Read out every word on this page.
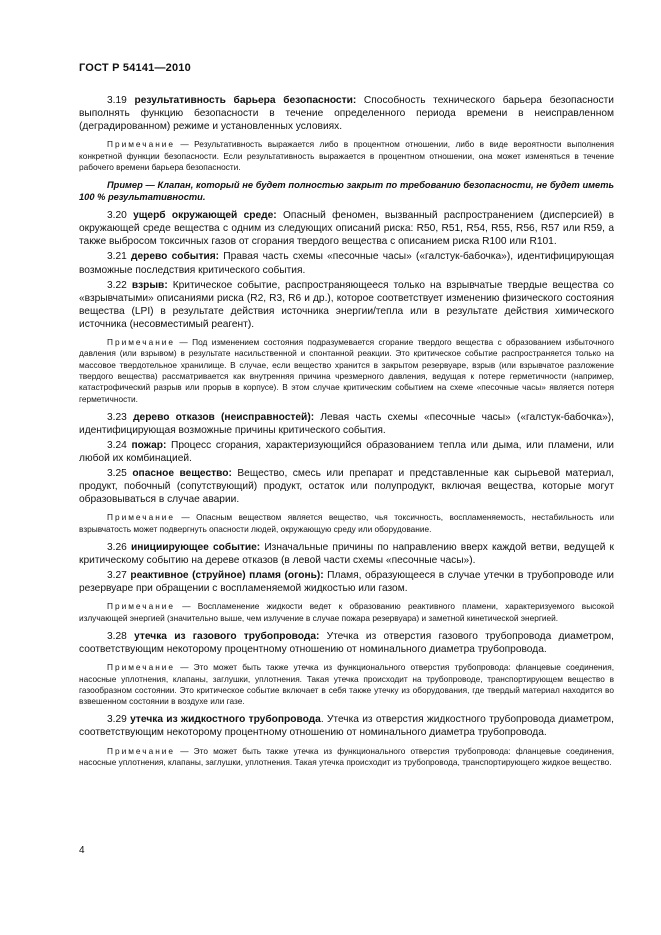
ГОСТ Р 54141—2010

3.19 результативность барьера безопасности: Способность технического барьера безопасности выполнять функцию безопасности в течение определенного периода времени в неисправленном (деградированном) режиме и установленных условиях.

Примечание — Результативность выражается либо в процентном отношении, либо в виде вероятности выполнения конкретной функции безопасности. Если результативность выражается в процентном отношении, она может изменяться в течение рабочего времени барьера безопасности.

Пример — Клапан, который не будет полностью закрыт по требованию безопасности, не будет иметь 100 % результативности.

3.20 ущерб окружающей среде: Опасный феномен, вызванный распространением (дисперсией) в окружающей среде вещества с одним из следующих описаний риска: R50, R51, R54, R55, R56, R57 или R59, а также выбросом токсичных газов от сгорания твердого вещества с описанием риска R100 или R101.

3.21 дерево события: Правая часть схемы «песочные часы» («галстук-бабочка»), идентифицирующая возможные последствия критического события.

3.22 взрыв: Критическое событие, распространяющееся только на взрывчатые твердые вещества со «взрывчатыми» описаниями риска (R2, R3, R6 и др.), которое соответствует изменению физического состояния вещества (LPI) в результате действия источника энергии/тепла или в результате действия химического источника (несовместимый реагент).

Примечание — Под изменением состояния подразумевается сгорание твердого вещества с образованием избыточного давления (или взрывом) в результате насильственной и спонтанной реакции. Это критическое событие распространяется только на массовое твердотельное хранилище. В случае, если вещество хранится в закрытом резервуаре, взрыв (или взрывчатое разложение твердого вещества) рассматривается как внутренняя причина чрезмерного давления, ведущая к потере герметичности (например, катастрофический разрыв или прорыв в корпусе). В этом случае критическим событием на схеме «песочные часы» является потеря герметичности.

3.23 дерево отказов (неисправностей): Левая часть схемы «песочные часы» («галстук-бабочка»), идентифицирующая возможные причины критического события.

3.24 пожар: Процесс сгорания, характеризующийся образованием тепла или дыма, или пламени, или любой их комбинацией.

3.25 опасное вещество: Вещество, смесь или препарат и представленные как сырьевой материал, продукт, побочный (сопутствующий) продукт, остаток или полупродукт, включая вещества, которые могут образовываться в случае аварии.

Примечание — Опасным веществом является вещество, чья токсичность, воспламеняемость, нестабильность или взрывчатость может подвергнуть опасности людей, окружающую среду или оборудование.

3.26 инициирующее событие: Изначальные причины по направлению вверх каждой ветви, ведущей к критическому событию на дереве отказов (в левой части схемы «песочные часы»).

3.27 реактивное (струйное) пламя (огонь): Пламя, образующееся в случае утечки в трубопроводе или резервуаре при обращении с воспламеняемой жидкостью или газом.

Примечание — Воспламенение жидкости ведет к образованию реактивного пламени, характеризуемого высокой излучающей энергией (значительно выше, чем излучение в случае пожара резервуара) и заметной кинетической энергией.

3.28 утечка из газового трубопровода: Утечка из отверстия газового трубопровода диаметром, соответствующим некоторому процентному отношению от номинального диаметра трубопровода.

Примечание — Это может быть также утечка из функционального отверстия трубопровода: фланцевые соединения, насосные уплотнения, клапаны, заглушки, уплотнения. Такая утечка происходит на трубопроводе, транспортирующем вещество в газообразном состоянии. Это критическое событие включает в себя также утечку из оборудования, где твердый материал находится во взвешенном состоянии в воздухе или газе.

3.29 утечка из жидкостного трубопровода. Утечка из отверстия жидкостного трубопровода диаметром, соответствующим некоторому процентному отношению от номинального диаметра трубопровода.

Примечание — Это может быть также утечка из функционального отверстия трубопровода: фланцевые соединения, насосные уплотнения, клапаны, заглушки, уплотнения. Такая утечка происходит из трубопровода, транспортирующего жидкое вещество.

4
